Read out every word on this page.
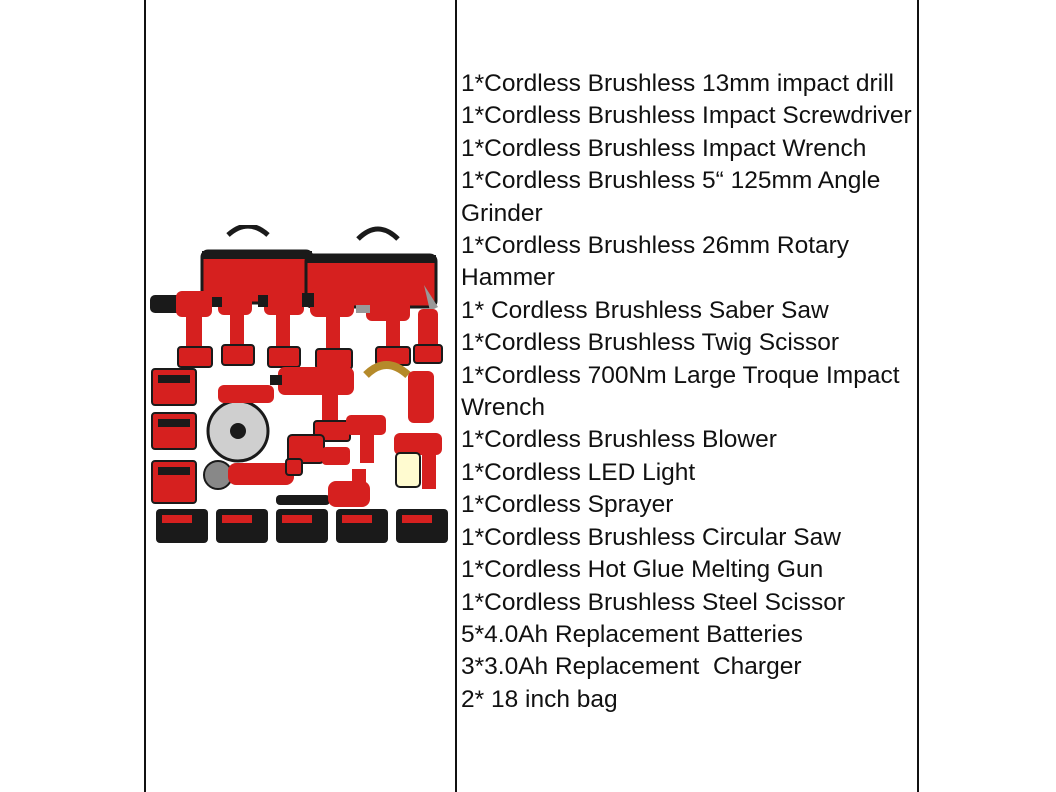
1*Cordless Brushless 13mm impact drill
1*Cordless Brushless Impact Screwdriver
1*Cordless Brushless Impact Wrench
1*Cordless Brushless 5“ 125mm Angle Grinder
1*Cordless Brushless 26mm Rotary Hammer
1* Cordless Brushless Saber Saw
1*Cordless Brushless Twig Scissor
1*Cordless 700Nm Large Troque Impact Wrench
1*Cordless Brushless Blower
1*Cordless LED Light
1*Cordless Sprayer
1*Cordless Brushless Circular Saw
1*Cordless Hot Glue Melting Gun
1*Cordless Brushless Steel Scissor
5*4.0Ah Replacement Batteries
3*3.0Ah Replacement  Charger
2* 18 inch bag
